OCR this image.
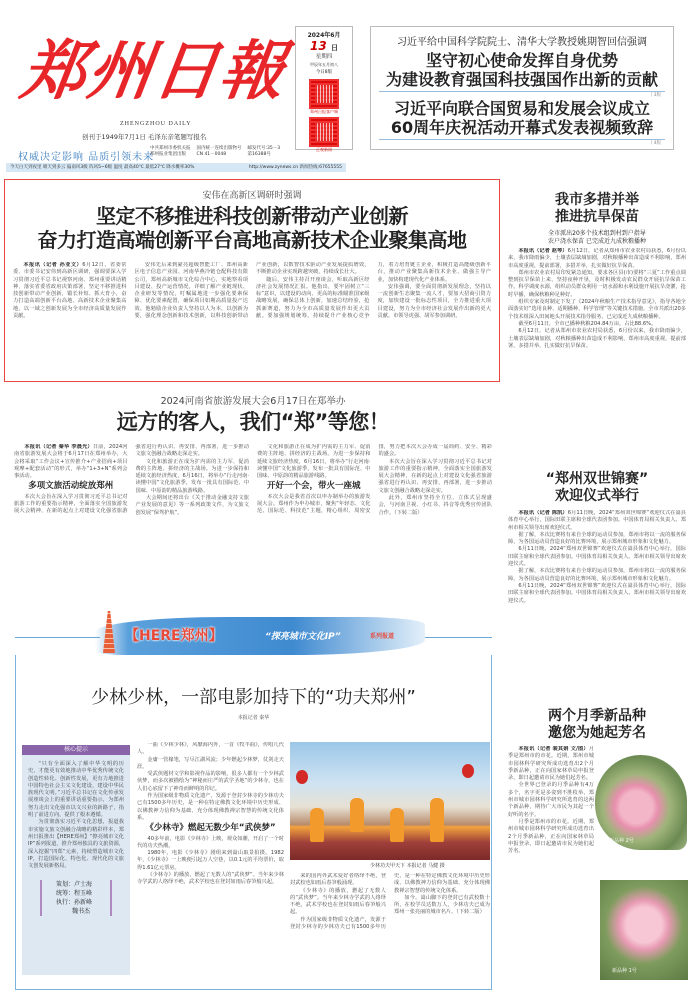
郑州日報
ZHENGZHOU DAILY
创刊于1949年7月1日 毛泽东亲笔题写报名
2024年6月
13 日
星期四
甲辰年五月初八
今日8版
郑州日报客户端
正观新闻
习近平给中国科学院院士、清华大学教授姚期智回信强调
坚守初心使命发挥自身优势
为建设教育强国科技强国作出新的贡献
丨3版
习近平向联合国贸易和发展会议成立
60周年庆祝活动开幕式发表视频致辞
丨4版
权威决定影响 品质引领未来
中共郑州市委机关报
郑州报业集团出版
国内统一连续出版物号
CN 41－0048
邮发代号:35－3
第16388号
今天白天到夜里 晴天到多云 偏南风3级 阵风5~6级 温度 最高40℃ 最低27℃ 降水概率30%	http://www.zynews.cn 新闻热线:67655555
安伟在高新区调研时强调
坚定不移推进科技创新带动产业创新
奋力打造高端创新平台高地高新技术企业聚集高地

本报讯（记者 孙亚文）6月12日，省委常委、市委书记安伟到高新区调研，强调要深入学习贯彻习近平总书记视察河南、郑州重要讲话精神，落实省委省政府决策部署，坚定不移推进科技创新带动产业创新，锻长补短、抓大育小，奋力打造高端创新平台高地、高新技术企业聚集高地，以一域之创新发展为全市经济高质量发展作贡献。

安伟先后来到豪亮超级智能工厂、郑州高新区电子信息产业园、河南华燕冷链仓配科技有限公司，郑州高新城市文化综合中心，实地察看项目建设、投产运营情况，详细了解产业链现状、企业研发等情况，叮嘱属地进一步强化要素保障、优化要素配置，确保项目如期高质量投产达效。他勉励企业负责人坚持以人为本，以创新为要，强化理念创新和技术创新，以科技创新带动产业创新，以数智技术驱动产业发展提质增效，不断推动企业实现跨越突破，持续成长壮大。

随后，安伟主持召开座谈会，听取高新区经济社会发展情况汇报。他指出，要牢固树立“三标”意识，以建设的动向、更高的标准瞄准国家级战略发展，确保总体上创新，加速总结经验，抢抓新赛道，努力为全市高质量发展作出更大贡献。要加强规划统筹，持续提升产业核心竞争力，着力培育链主企业，积极打造高能级创新平台，推动产业聚集高新技术企业，做强主导产业，加快构建现代化产业体系。

安伟强调，要全面贯彻新发展理念，坚持以一流创新生态聚集一流人才，要加大招商引资力度，加快建设一批标志性项目，全力推进重大项目建设，努力为全市经济社会发展作出新的更大贡献。市领导虎强、胡军参加调研。

我市多措并举
推进抗旱保苗
全市派出20多个技术组到村到户指导
农户浇水保苗 已完成近九成秋粮播种

本报讯（记者 赵琴）6月12日，记者从郑州市农业农村局获悉，6月份以来，我市降雨偏少，土壤表层缺墒加剧，对秋粮播种出苗造成不利影响，郑州市高度重视，提前部署，多措并举，扎实做好抗旱保苗。

郑州市农业农村局印发紧急通知，要求各区县(市)要将“三夏”工作重点调整到抗旱保苗上来，坚持夜种开垦，及时积极发动农民群众开展抗旱保苗工作。科学调度水源，组织动员群众利用一切水源和水利设施开展抗旱浇灌，抢时早播，确保秋粮种足种好。

组织专家及时制定下发了《2024年秋粮生产技术指导意见》，指导各地全面落实好“选用良种、适期播种、科学管理”等关键技术措施，全市共派出20多个技术组深入田间地头开展技术指导服务，已完成近九成秋粮播种。

截至6月11日，全市已播种秋粮204.84万亩，占比88.6%。

6月12日，记者从郑州市农业农村局获悉，6月份以来，我市降雨偏少，土壤表层缺墒加剧，对秋粮播种出苗造成不利影响，郑州市高度重视，提前部署，多措并举，扎实做好抗旱保苗。

“郑州双世锦赛”
欢迎仪式举行

本报讯（记者 陈凯）6月11日晚，2024“郑州双世锦赛”欢迎仪式在嵩县体育中心举行，国际田联主席和全球代表团参加。中国体育局相关负责人、郑州市相关领导出席欢迎仪式。

据了解，本次比赛将有来自全球的运动员参加，郑州市将以一流的服务保障，为各国运动员营造良好的比赛环境，展示郑州城市形象和文化魅力。

6月11日晚，2024“郑州双世锦赛”欢迎仪式在嵩县体育中心举行，国际田联主席和全球代表团参加。中国体育局相关负责人、郑州市相关领导出席欢迎仪式。

据了解，本次比赛将有来自全球的运动员参加，郑州市将以一流的服务保障，为各国运动员营造良好的比赛环境，展示郑州城市形象和文化魅力。

6月11日晚，2024“郑州双世锦赛”欢迎仪式在嵩县体育中心举行，国际田联主席和全球代表团参加。中国体育局相关负责人、郑州市相关领导出席欢迎仪式。

两个月季新品种
邀您为她起芳名

本报讯（记者 裴其娟 文/图）月季是郑州市的市花。近期，郑州市城市园林科学研究所成功选育出2个月季新品种，正在向国家林草局申报登录，即日起邀请市民为她们起芳名。

全世界已登录的月季品种有4万多个，名字更是多姿到不胜枚举，郑州市城市园林科学研究所选育的这两个新品种，期待广大市民为其起一个好听的名字。

月季是郑州市的市花。近期，郑州市城市园林科学研究所成功选育出2个月季新品种，正在向国家林草局申报登录，即日起邀请市民为她们起芳名。

新品种 2号
新品种 1号
2024河南省旅游发展大会6月17日在郑举办
远方的客人，我们“郑”等您！

本报讯（记者 秦华 李晨光）日前，2024河南省旅游发展大会将于6月17日在郑州举办，大会将采取“工作会议+宣传推介+产业招商+项目观摩+配套活动”的形式，举办“1+3+N”系列会事活动。

多项文旅活动绽放郑州

本次大会旨在深入学习贯彻习近平总书记对旅游工作的重要指示精神，全面落实全国旅游发展大会精神，在新的起点上对建设文化强省旅游强省进行再认识、再安排、再部署，进一步推动文旅文创融合战略走深走实。

文化和旅游正在成为扩内需的主力军、促消费的主阵地、拼经济的主战场。为进一步保持和延续文旅经济热度，6月16日，将举办“行走河南·读懂中国”文化旅游季，发布一批具有国际范、中国味、中原韵的精品旅游线路。

大会期间还将出台《关于推动金融支持文旅产业发展的意见》等一系列政策文件，为文旅文创发展“保驾护航”。

文化和旅游正在成为扩内需的主力军、促消费的主阵地、拼经济的主战场。为进一步保持和延续文旅经济热度，6月16日，将举办“行走河南·读懂中国”文化旅游季，发布一批具有国际范、中国味、中原韵的精品旅游线路。

开好一个会，带火一座城

本次大会是我省首次以申办制举办的旅游发展大会。郑州作为申办城市，聚焦“年轻态、文化范、国际范、科技范”主题，精心组织、周密安排，努力把本次大会办成一届简约、安全、精彩的盛会。

本次大会旨在深入学习贯彻习近平总书记对旅游工作的重要指示精神，全面落实全国旅游发展大会精神，在新的起点上对建设文化强省旅游强省进行再认识、再安排、再部署，进一步推动文旅文创融合战略走深走实。

此外，郑州市坚持全方位、立体式呈现盛会，与河南卫视、小红书、抖音等优秀官传团队合作。（下转二版）

【HERE郑州】	“探亮城市文化IP”	系列报道
少林少林，一部电影加持下的“功夫郑州”
本报记者 秦华
核心提示

“只有全面深入了解中华文明的历史，才能更有效地推动中华优秀传统文化创造性转化、创新性发展，更有力地推进中国特色社会主义文化建设，建设中华民族现代文明。”习近平总书记在文化传承发展座谈会上的重要讲话重要指示，为郑州努力走出文化强市以文兴业的新路子，指明了前进方向，提供了根本遵循。

为贯彻落实习近平文化思想，报道我市实施文旅文创融合战略的精彩样本，郑州日报推出【HERE郑州】“擦亮城市文化IP”系列报道，推介郑州独具的文旅资源，深入挖掘“四郑”元素，持续塑造城市文化IP，打造国际化、特色化、现代化的文旅文创发展新格局。

策划：卢士海
统筹：程玉峰
执行：孙新峰
魏书杰

一曲《少林少林》，风靡海内外，一首《牧羊曲》，传唱几代人。

金庸一管椽笔，写尽江湖风流；少年燃起少林梦，仗剑走天涯。

受武侠题材文学和影视作品的影响，很多人都有一个少林武侠梦，而多次被描绘为“神秘而庄严的武学圣地”的少林寺，也在人们心底留下了神奇而鲜明的印记。

作为国家级非物质文化遗产，发源于登封少林寺的少林功夫已有1500多年历史，是一种在特定佛教文化环境中历史形成、以佛教神力信仰为基础、充分体现佛教禅宗智慧的传统文化体系。

《少林寺》燃起无数少年“武侠梦”

40多年前，电影《少林寺》上映，观众如潮，开启了一个时代的功夫热潮。

1980年，电影《少林寺》剧组来到嵩山取景拍摄。1982年，《少林寺》一上映便引起万人空巷，以0.1元的平均票价，取得1.61亿元票房。

《少林寺》的播放，燃起了无数人的“武侠梦”。当年来少林寺学武的人络绎不绝，武术学校也在登封如雨后春笋般兴起。

少林功夫甲天下 本报记者 马健 摄

来的国内外武术爱好者络绎不绝，登封武校也如雨后春笋般涌现。

《少林寺》的播放，燃起了无数人的“武侠梦”。当年来少林寺学武的人络绎不绝，武术学校也在登封如雨后春笋般兴起。

作为国家级非物质文化遗产，发源于登封少林寺的少林功夫已有1500多年历史，是一种在特定佛教文化环境中历史形成、以佛教神力信仰为基础、充分体现佛教禅宗智慧的传统文化体系。

如今，嵩山脚下的登封已有武校数十所，在校学员达数万人，少林功夫已成为郑州一张亮丽的城市名片。（下转二版）
